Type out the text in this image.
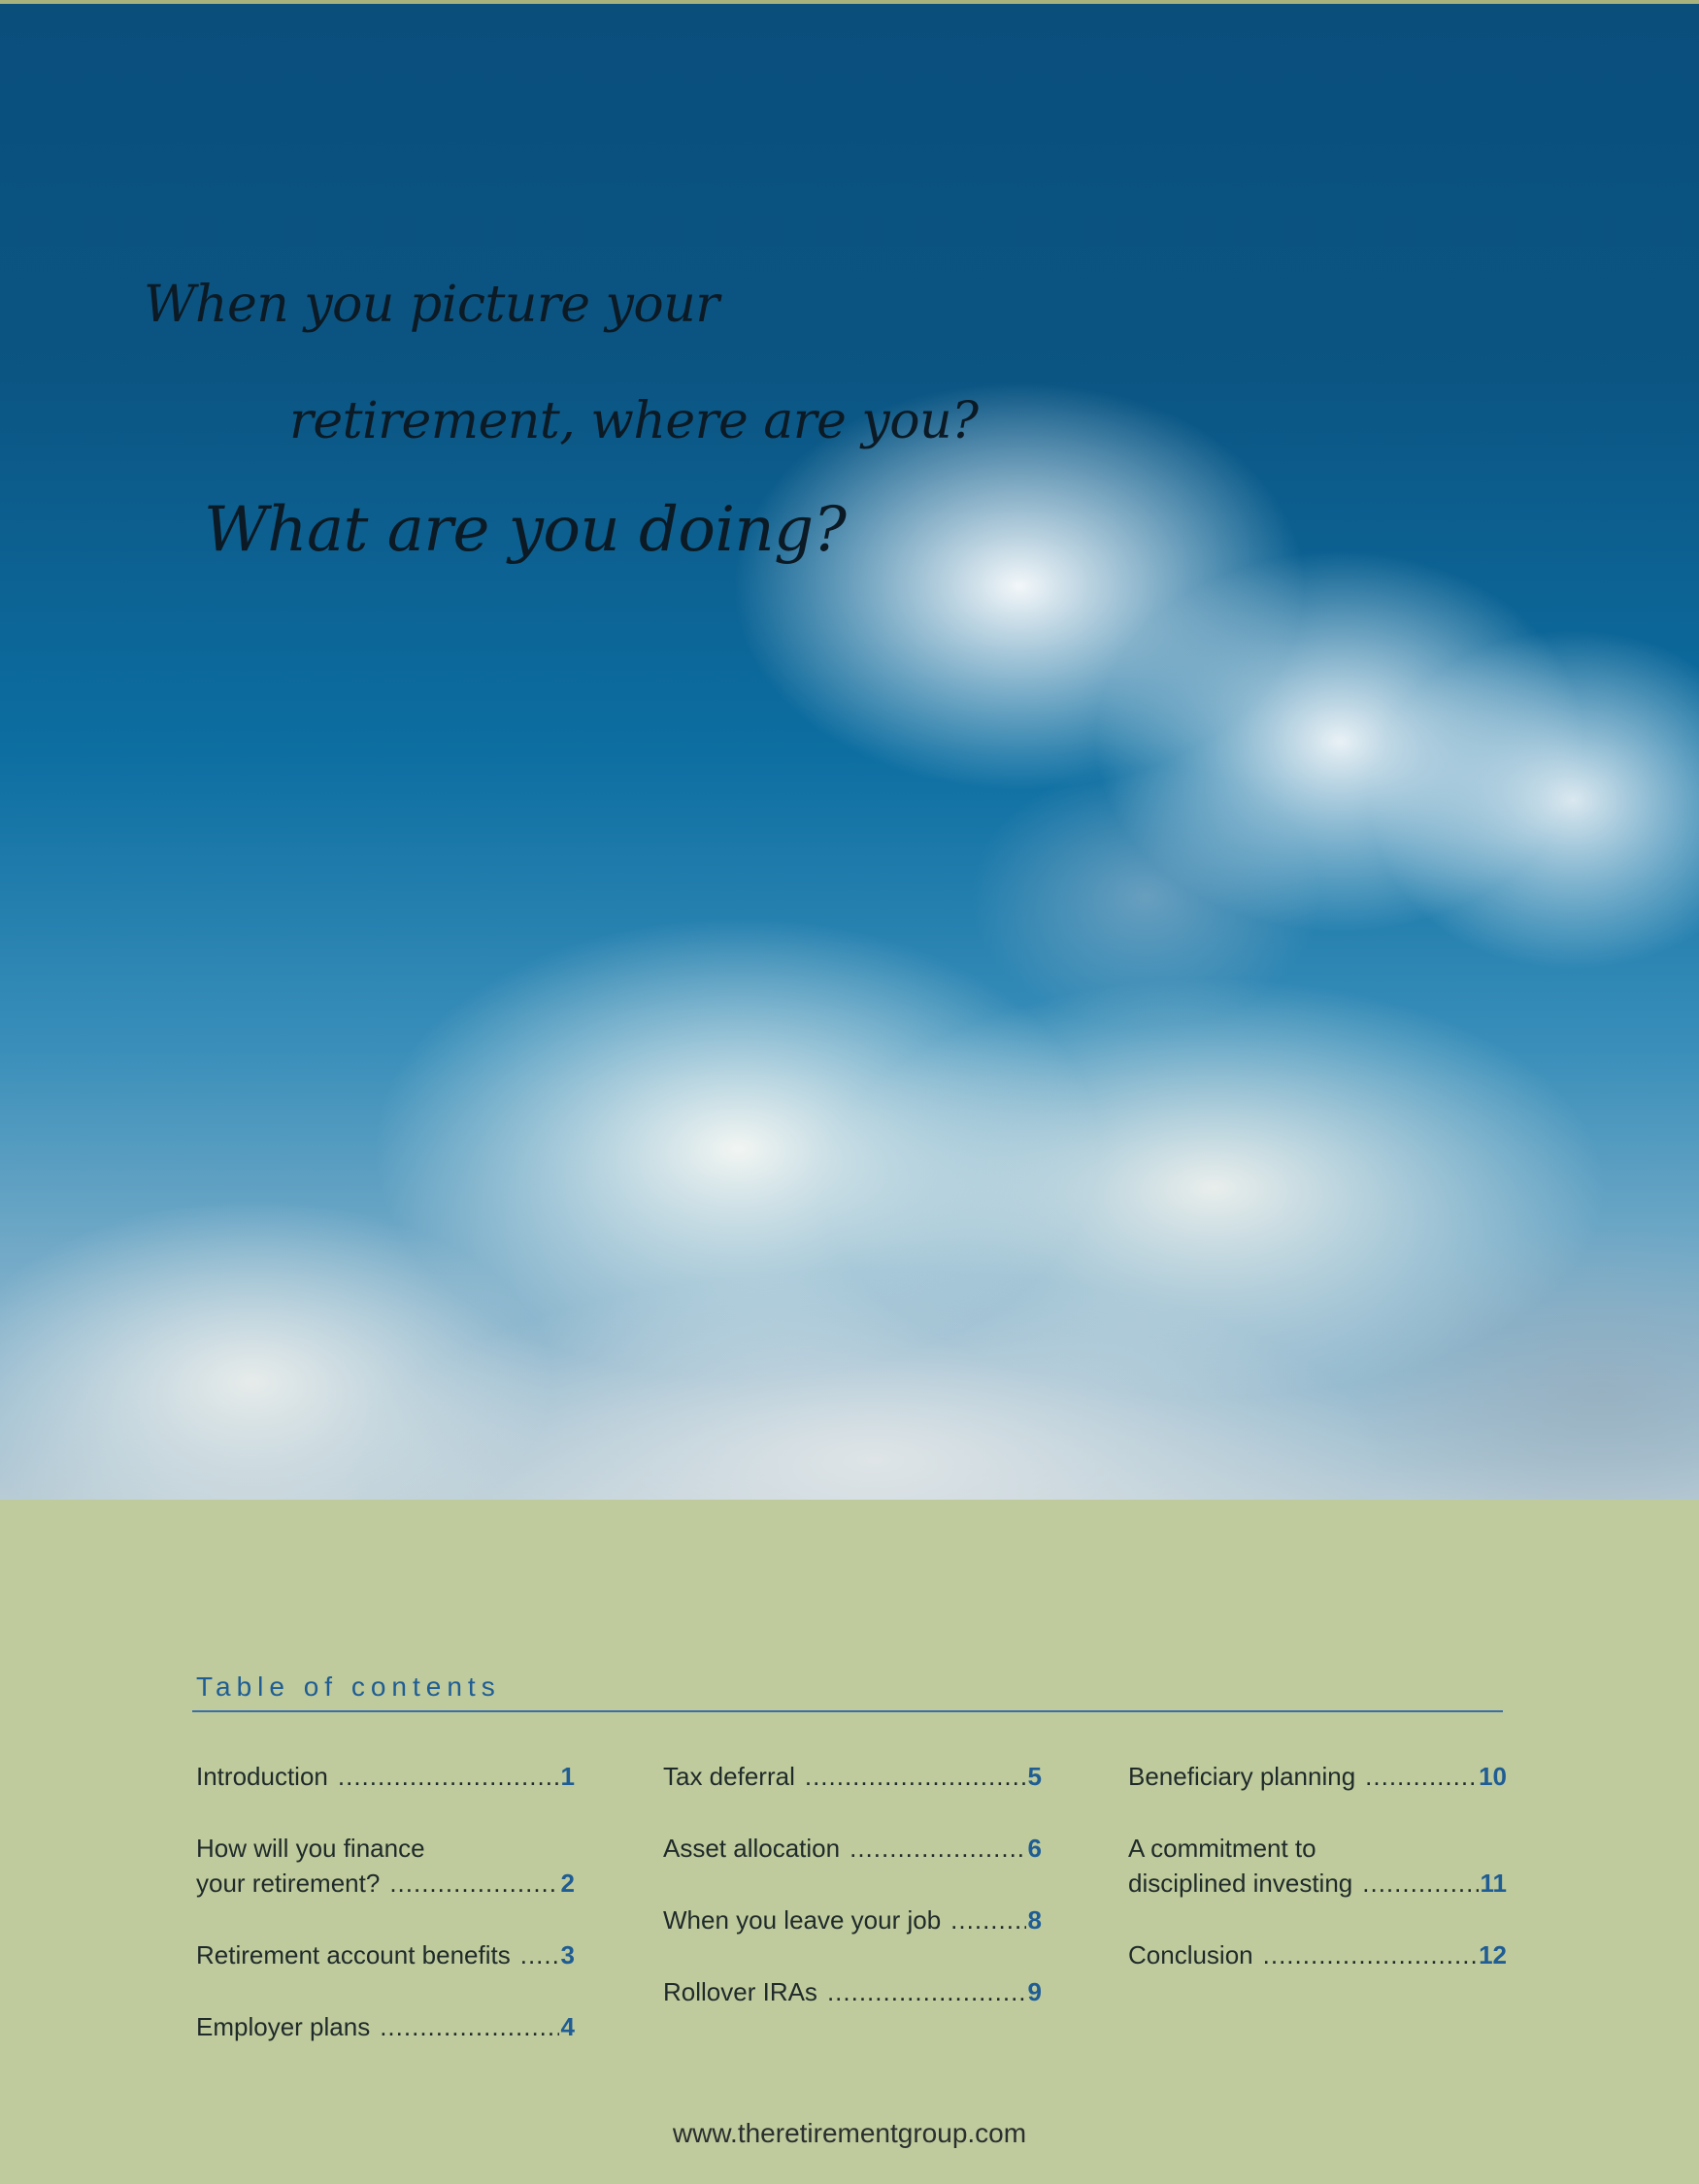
When you picture your
retirement, where are you?
What are you doing?
Table of contents
Introduction .....	1
How will you finance
your retirement? .....	2
Retirement account benefits ..... 3
Employer plans .....	4
Tax deferral .....	5
Asset allocation .....	6
When you leave your job .....	8
Rollover IRAs .....	9
Beneficiary planning .....	10
A commitment to
disciplined investing .....	11
Conclusion .....	12
www.theretirementgroup.com
